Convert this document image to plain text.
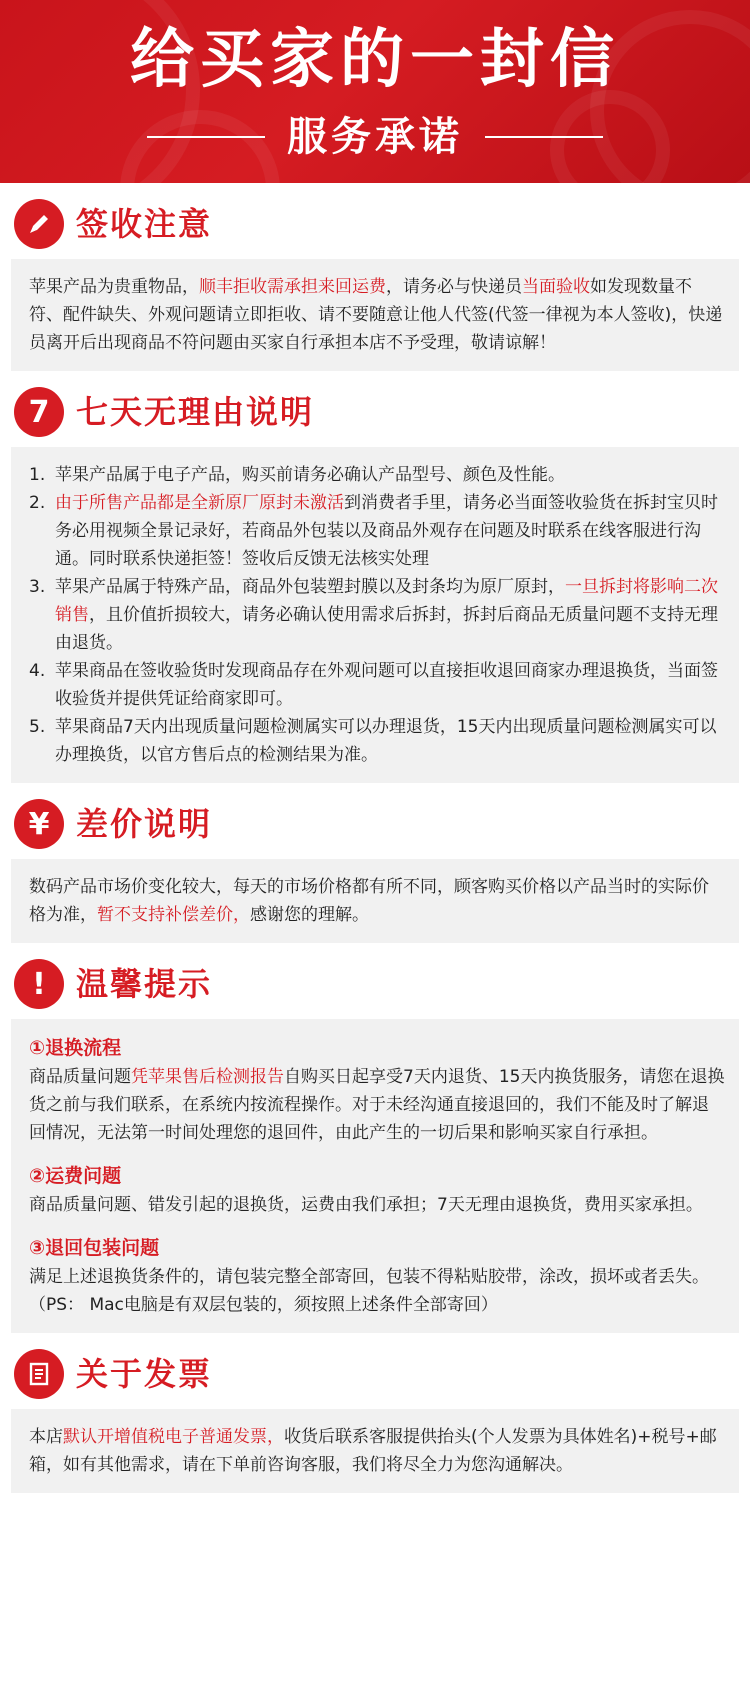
给买家的一封信
服务承诺
签收注意
苹果产品为贵重物品，顺丰拒收需承担来回运费，请务必与快递员当面验收如发现数量不符、配件缺失、外观问题请立即拒收、请不要随意让他人代签(代签一律视为本人签收)，快递员离开后出现商品不符问题由买家自行承担本店不予受理，敬请谅解！
7 七天无理由说明
1. 苹果产品属于电子产品，购买前请务必确认产品型号、颜色及性能。
2. 由于所售产品都是全新原厂原封未激活到消费者手里，请务必当面签收验货在拆封宝贝时务必用视频全景记录好，若商品外包装以及商品外观存在问题及时联系在线客服进行沟通。同时联系快递拒签！签收后反馈无法核实处理
3. 苹果产品属于特殊产品，商品外包装塑封膜以及封条均为原厂原封，一旦拆封将影响二次销售，且价值折损较大，请务必确认使用需求后拆封，拆封后商品无质量问题不支持无理由退货。
4. 苹果商品在签收验货时发现商品存在外观问题可以直接拒收退回商家办理退换货，当面签收验货并提供凭证给商家即可。
5. 苹果商品7天内出现质量问题检测属实可以办理退货，15天内出现质量问题检测属实可以办理换货，以官方售后点的检测结果为准。
¥ 差价说明
数码产品市场价变化较大，每天的市场价格都有所不同，顾客购买价格以产品当时的实际价格为准，暂不支持补偿差价，感谢您的理解。
! 温馨提示
①退换流程
商品质量问题凭苹果售后检测报告自购买日起享受7天内退货、15天内换货服务，请您在退换货之前与我们联系，在系统内按流程操作。对于未经沟通直接退回的，我们不能及时了解退回情况，无法第一时间处理您的退回件，由此产生的一切后果和影响买家自行承担。
②运费问题
商品质量问题、错发引起的退换货，运费由我们承担；7天无理由退换货，费用买家承担。
③退回包装问题
满足上述退换货条件的，请包装完整全部寄回，包装不得粘贴胶带，涂改，损坏或者丢失。（PS： Mac电脑是有双层包装的，须按照上述条件全部寄回）
关于发票
本店默认开增值税电子普通发票，收货后联系客服提供抬头(个人发票为具体姓名)+税号+邮箱，如有其他需求，请在下单前咨询客服，我们将尽全力为您沟通解决。
